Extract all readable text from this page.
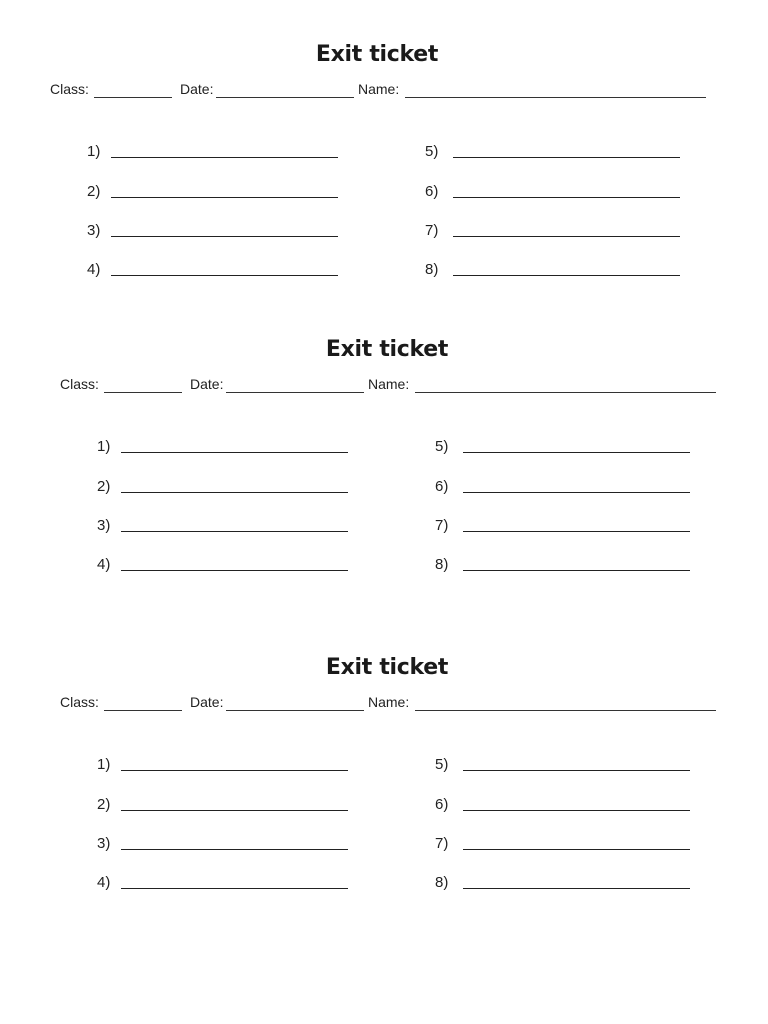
Exit ticket
Class:	Date:	Name:
1)
2)
3)
4)
5)
6)
7)
8)
Exit ticket
Class:	Date:	Name:
1)
2)
3)
4)
5)
6)
7)
8)
Exit ticket
Class:	Date:	Name:
1)
2)
3)
4)
5)
6)
7)
8)
